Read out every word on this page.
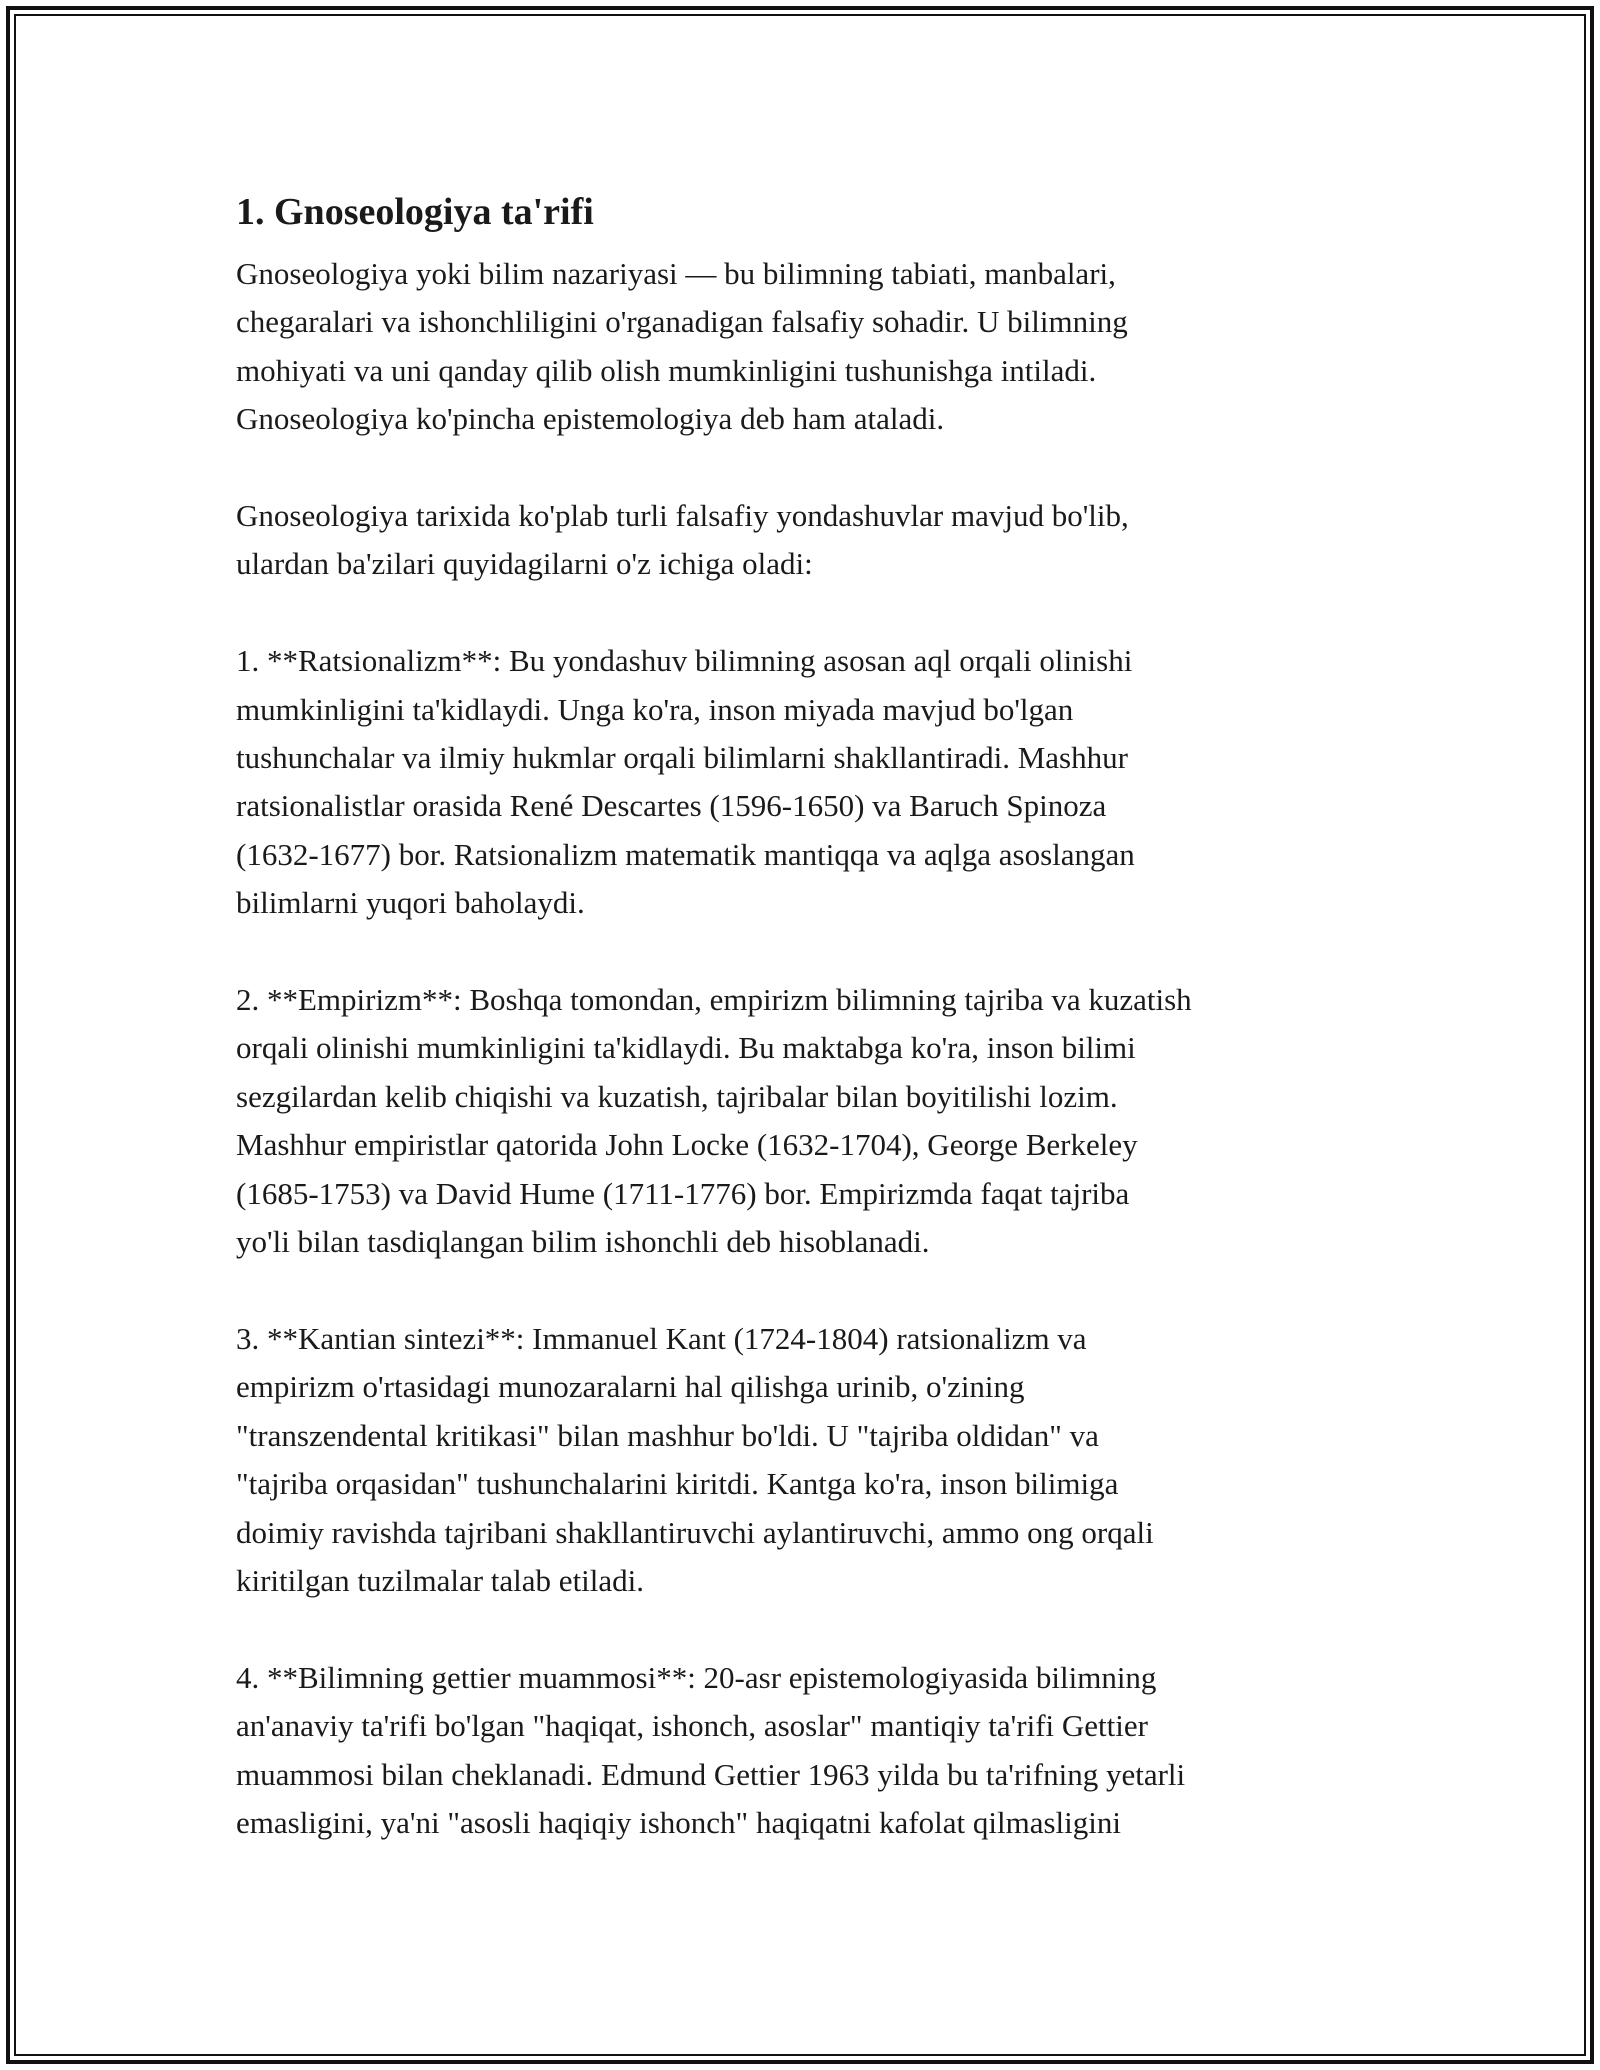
1. Gnoseologiya ta'rifi

Gnoseologiya yoki bilim nazariyasi — bu bilimning tabiati, manbalari,
chegaralari va ishonchliligini o'rganadigan falsafiy sohadir. U bilimning
mohiyati va uni qanday qilib olish mumkinligini tushunishga intiladi.
Gnoseologiya ko'pincha epistemologiya deb ham ataladi.

Gnoseologiya tarixida ko'plab turli falsafiy yondashuvlar mavjud bo'lib,
ulardan ba'zilari quyidagilarni o'z ichiga oladi:

1. **Ratsionalizm**: Bu yondashuv bilimning asosan aql orqali olinishi
mumkinligini ta'kidlaydi. Unga ko'ra, inson miyada mavjud bo'lgan
tushunchalar va ilmiy hukmlar orqali bilimlarni shakllantiradi. Mashhur
ratsionalistlar orasida René Descartes (1596-1650) va Baruch Spinoza
(1632-1677) bor. Ratsionalizm matematik mantiqqa va aqlga asoslangan
bilimlarni yuqori baholaydi.

2. **Empirizm**: Boshqa tomondan, empirizm bilimning tajriba va kuzatish
orqali olinishi mumkinligini ta'kidlaydi. Bu maktabga ko'ra, inson bilimi
sezgilardan kelib chiqishi va kuzatish, tajribalar bilan boyitilishi lozim.
Mashhur empiristlar qatorida John Locke (1632-1704), George Berkeley
(1685-1753) va David Hume (1711-1776) bor. Empirizmda faqat tajriba
yo'li bilan tasdiqlangan bilim ishonchli deb hisoblanadi.

3. **Kantian sintezi**: Immanuel Kant (1724-1804) ratsionalizm va
empirizm o'rtasidagi munozaralarni hal qilishga urinib, o'zining
"transzendental kritikasi" bilan mashhur bo'ldi. U "tajriba oldidan" va
"tajriba orqasidan" tushunchalarini kiritdi. Kantga ko'ra, inson bilimiga
doimiy ravishda tajribani shakllantiruvchi aylantiruvchi, ammo ong orqali
kiritilgan tuzilmalar talab etiladi.

4. **Bilimning gettier muammosi**: 20-asr epistemologiyasida bilimning
an'anaviy ta'rifi bo'lgan "haqiqat, ishonch, asoslar" mantiqiy ta'rifi Gettier
muammosi bilan cheklanadi. Edmund Gettier 1963 yilda bu ta'rifning yetarli
emasligini, ya'ni "asosli haqiqiy ishonch" haqiqatni kafolat qilmasligini
